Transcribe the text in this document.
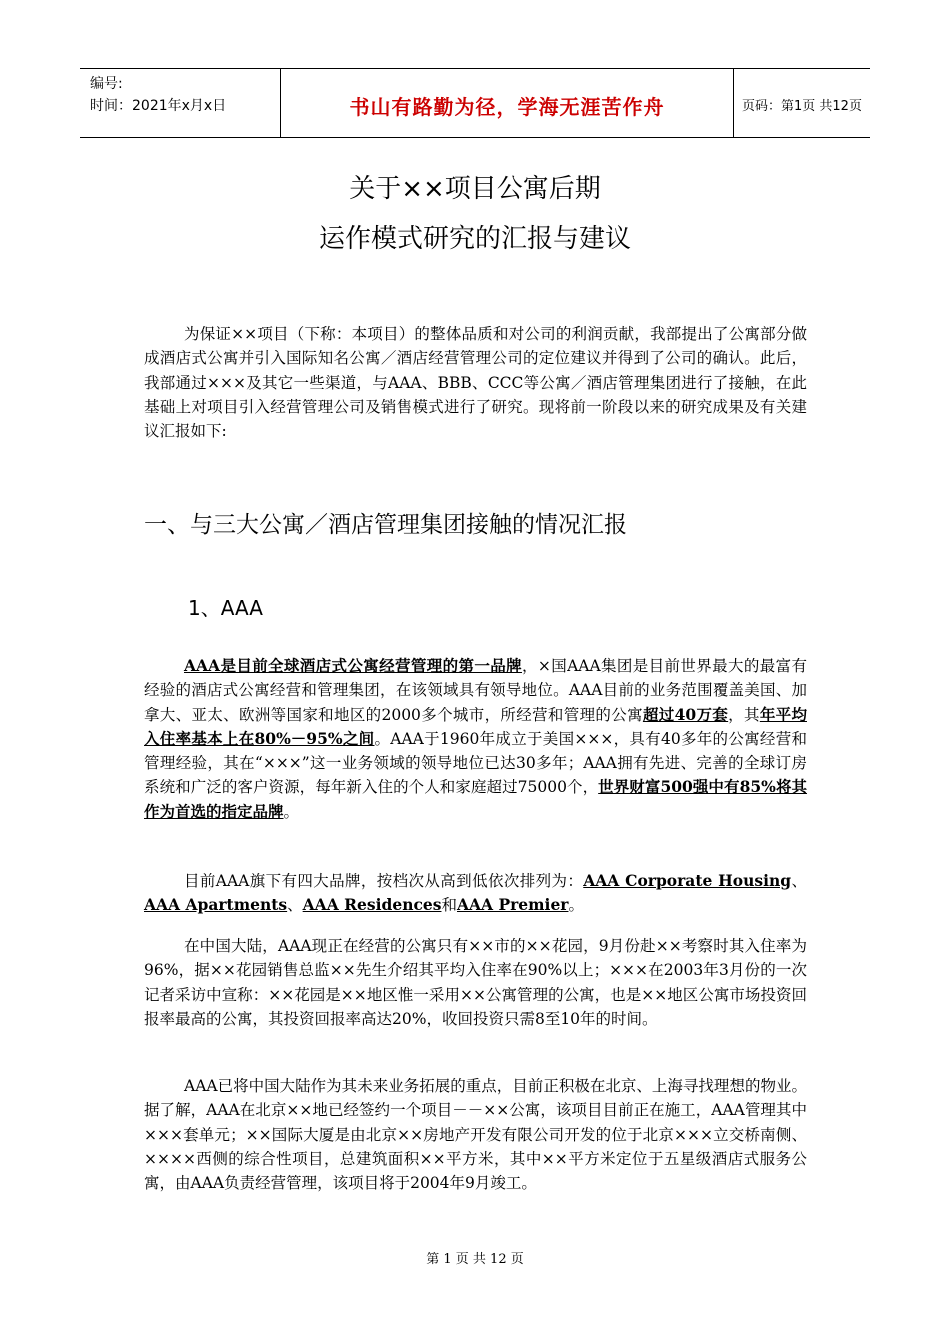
编号:
时间：2021年x月x日	书山有路勤为径，学海无涯苦作舟	页码：第1页 共12页
关于××项目公寓后期
运作模式研究的汇报与建议

为保证××项目（下称：本项目）的整体品质和对公司的利润贡献，我部提出了公寓部分做成酒店式公寓并引入国际知名公寓／酒店经营管理公司的定位建议并得到了公司的确认。此后，我部通过×××及其它一些渠道，与AAA、BBB、CCC等公寓／酒店管理集团进行了接触，在此基础上对项目引入经营管理公司及销售模式进行了研究。现将前一阶段以来的研究成果及有关建议汇报如下:

一、与三大公寓／酒店管理集团接触的情况汇报
1、AAA

AAA是目前全球酒店式公寓经营管理的第一品牌，×国AAA集团是目前世界最大的最富有经验的酒店式公寓经营和管理集团，在该领域具有领导地位。AAA目前的业务范围覆盖美国、加拿大、亚太、欧洲等国家和地区的2000多个城市，所经营和管理的公寓超过40万套，其年平均入住率基本上在80%－95%之间。AAA于1960年成立于美国×××，具有40多年的公寓经营和管理经验，其在“×××”这一业务领域的领导地位已达30多年；AAA拥有先进、完善的全球订房系统和广泛的客户资源，每年新入住的个人和家庭超过75000个，世界财富500强中有85%将其作为首选的指定品牌。

目前AAA旗下有四大品牌，按档次从高到低依次排列为：AAA Corporate Housing、AAA Apartments、AAA Residences和AAA Premier。

在中国大陆，AAA现正在经营的公寓只有××市的××花园，9月份赴××考察时其入住率为96%，据××花园销售总监××先生介绍其平均入住率在90%以上；×××在2003年3月份的一次记者采访中宣称：××花园是××地区惟一采用××公寓管理的公寓，也是××地区公寓市场投资回报率最高的公寓，其投资回报率高达20%，收回投资只需8至10年的时间。

AAA已将中国大陆作为其未来业务拓展的重点，目前正积极在北京、上海寻找理想的物业。据了解，AAA在北京××地已经签约一个项目－－××公寓，该项目目前正在施工，AAA管理其中×××套单元；××国际大厦是由北京××房地产开发有限公司开发的位于北京×××立交桥南侧、××××西侧的综合性项目，总建筑面积××平方米，其中××平方米定位于五星级酒店式服务公寓，由AAA负责经营管理，该项目将于2004年9月竣工。

第 1 页 共 12 页
